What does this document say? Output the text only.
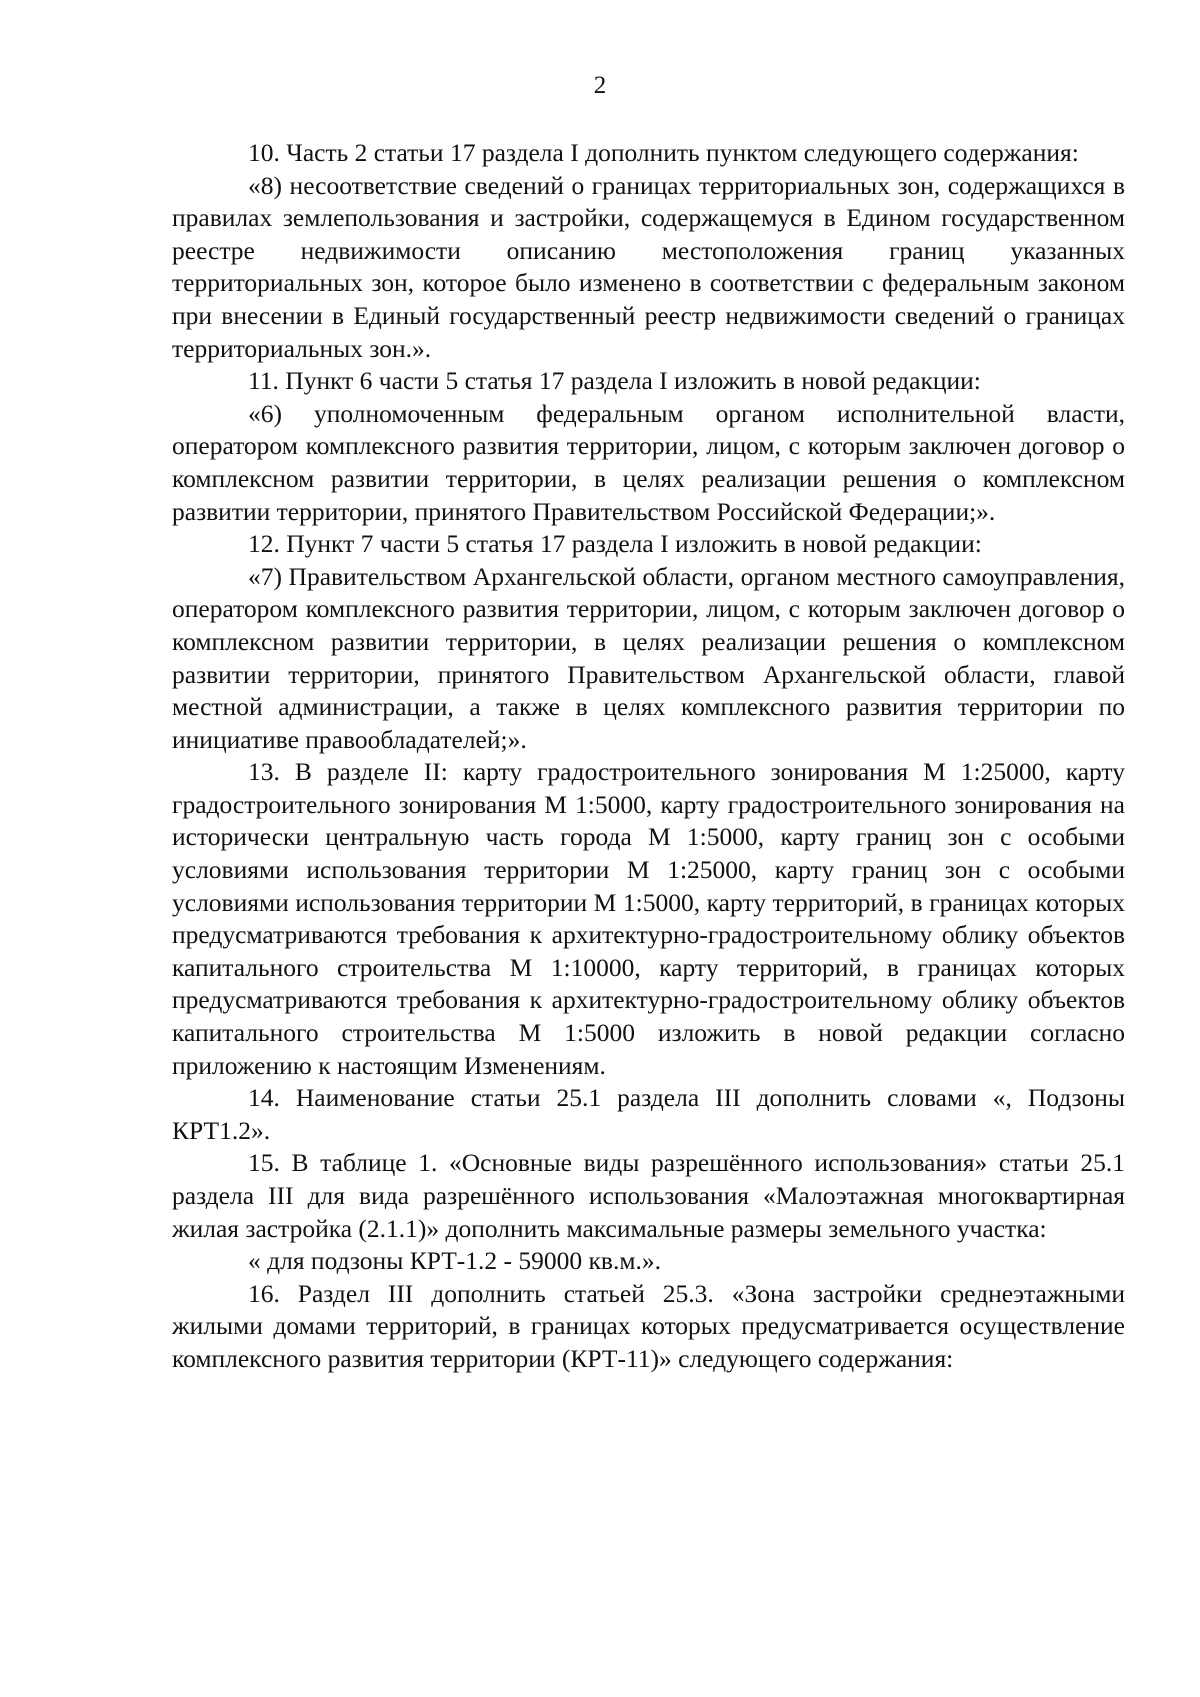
2

10. Часть 2 статьи 17 раздела I дополнить пунктом следующего содержания:

«8) несоответствие сведений о границах территориальных зон, содержащихся в правилах землепользования и застройки, содержащемуся в Едином государственном реестре недвижимости описанию местоположения границ указанных территориальных зон, которое было изменено в соответствии с федеральным законом при внесении в Единый государственный реестр недвижимости сведений о границах территориальных зон.».

11. Пункт 6 части 5 статья 17 раздела I изложить в новой редакции:

«6) уполномоченным федеральным органом исполнительной власти, оператором комплексного развития территории, лицом, с которым заключен договор о комплексном развитии территории, в целях реализации решения о комплексном развитии территории, принятого Правительством Российской Федерации;».

12. Пункт 7 части 5 статья 17 раздела I изложить в новой редакции:

«7) Правительством Архангельской области, органом местного самоуправления, оператором комплексного развития территории, лицом, с которым заключен договор о комплексном развитии территории, в целях реализации решения о комплексном развитии территории, принятого Правительством Архангельской области, главой местной администрации, а также в целях комплексного развития территории по инициативе правообладателей;».

13. В разделе II: карту градостроительного зонирования М 1:25000, карту градостроительного зонирования М 1:5000, карту градостроительного зонирования на исторически центральную часть города М 1:5000, карту границ зон с особыми условиями использования территории М 1:25000, карту границ зон с особыми условиями использования территории М 1:5000, карту территорий, в границах которых предусматриваются требования к архитектурно-градостроительному облику объектов капитального строительства М 1:10000, карту территорий, в границах которых предусматриваются требования к архитектурно-градостроительному облику объектов капитального строительства М 1:5000 изложить в новой редакции согласно приложению к настоящим Изменениям.

14. Наименование статьи 25.1 раздела III дополнить словами «, Подзоны КРТ1.2».

15. В таблице 1. «Основные виды разрешённого использования» статьи 25.1 раздела III для вида разрешённого использования «Малоэтажная многоквартирная жилая застройка (2.1.1)» дополнить максимальные размеры земельного участка:

« для подзоны КРТ-1.2 - 59000 кв.м.».

16. Раздел III дополнить статьей 25.3. «Зона застройки среднеэтажными жилыми домами территорий, в границах которых предусматривается осуществление комплексного развития территории (КРТ-11)» следующего содержания:
